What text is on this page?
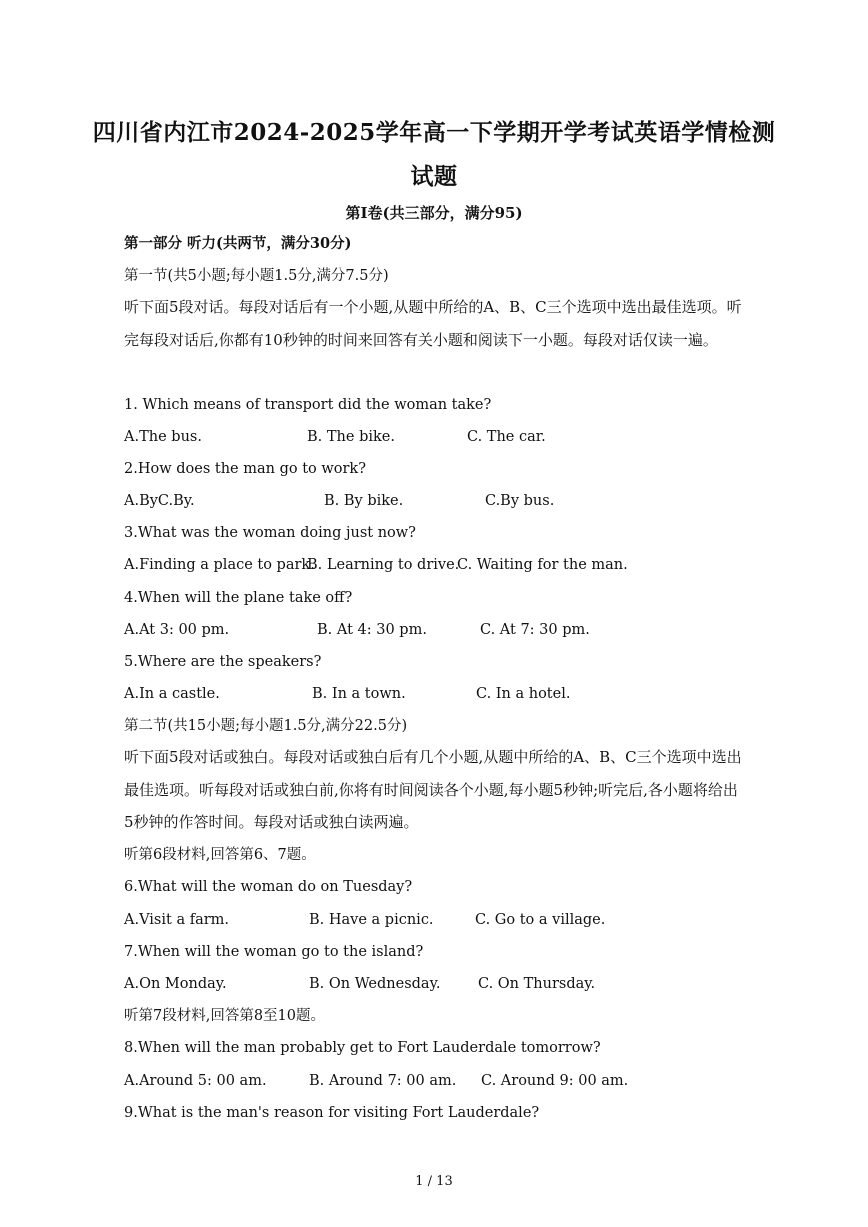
四川省内江市2024-2025学年高一下学期开学考试英语学情检测
试题
第Ⅰ卷(共三部分，满分95)
第一部分 听力(共两节，满分30分)
第一节(共5小题;每小题1.5分,满分7.5分)
听下面5段对话。每段对话后有一个小题,从题中所给的A、B、C三个选项中选出最佳选项。听完每段对话后,你都有10秒钟的时间来回答有关小题和阅读下一小题。每段对话仅读一遍。
1. Which means of transport did the woman take?
A.The bus.	B. The bike.	C. The car.
2.How does the man go to work?
A.ByC.By.	B. By bike.	C.By bus.
3.What was the woman doing just now?
A.Finding a place to park.
B. Learning to drive.
C. Waiting for the man.
4.When will the plane take off?
A.At 3: 00 pm.	B. At 4: 30 pm.	C. At 7: 30 pm.
5.Where are the speakers?
A.In a castle.	B. In a town.	C. In a hotel.
第二节(共15小题;每小题1.5分,满分22.5分)
听下面5段对话或独白。每段对话或独白后有几个小题,从题中所给的A、B、C三个选项中选出最佳选项。听每段对话或独白前,你将有时间阅读各个小题,每小题5秒钟;听完后,各小题将给出5秒钟的作答时间。每段对话或独白读两遍。
听第6段材料,回答第6、7题。
6.What will the woman do on Tuesday?
A.Visit a farm.	B. Have a picnic.	C. Go to a village.
7.When will the woman go to the island?
A.On Monday.	B. On Wednesday.	C. On Thursday.
听第7段材料,回答第8至10题。
8.When will the man probably get to Fort Lauderdale tomorrow?
A.Around 5: 00 am.	B. Around 7: 00 am. C. Around 9: 00 am.
9.What is the man's reason for visiting Fort Lauderdale?
1 / 13
